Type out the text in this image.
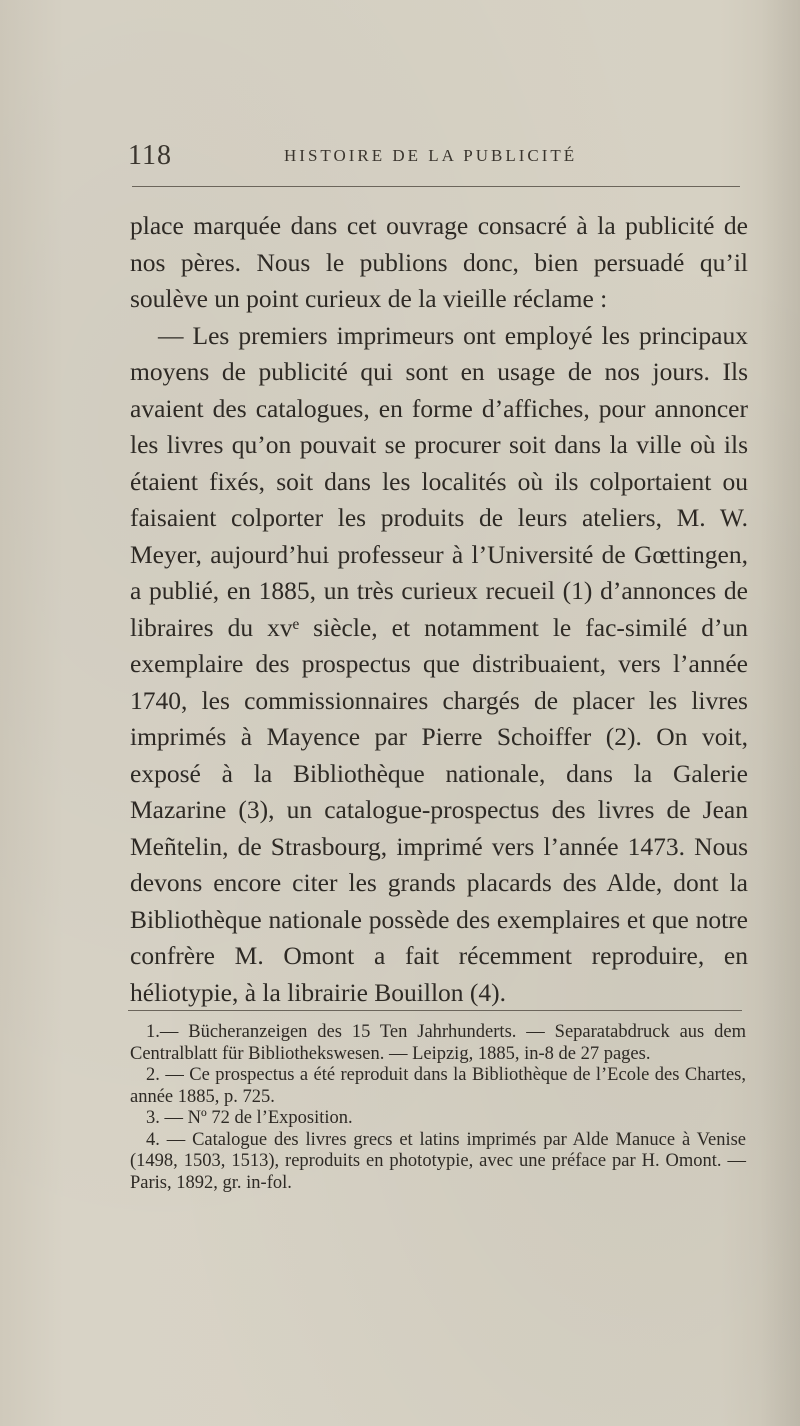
118	HISTOIRE DE LA PUBLICITÉ

place marquée dans cet ouvrage consacré à la publicité de nos pères. Nous le publions donc, bien persuadé qu’il soulève un point curieux de la vieille réclame :

— Les premiers imprimeurs ont employé les principaux moyens de publicité qui sont en usage de nos jours. Ils avaient des catalogues, en forme d’affiches, pour annoncer les livres qu’on pouvait se procurer soit dans la ville où ils étaient fixés, soit dans les localités où ils colportaient ou faisaient colporter les produits de leurs ateliers, M. W. Meyer, aujourd’hui professeur à l’Université de Gœttingen, a publié, en 1885, un très curieux recueil (1) d’annonces de libraires du xvᵉ siècle, et notamment le fac-similé d’un exemplaire des prospectus que distribuaient, vers l’année 1740, les commissionnaires chargés de placer les livres imprimés à Mayence par Pierre Schoiffer (2). On voit, exposé à la Bibliothèque nationale, dans la Galerie Mazarine (3), un catalogue-prospectus des livres de Jean Meñtelin, de Strasbourg, imprimé vers l’année 1473. Nous devons encore citer les grands placards des Alde, dont la Bibliothèque nationale possède des exemplaires et que notre confrère M. Omont a fait récemment reproduire, en héliotypie, à la librairie Bouillon (4).

1.— Bücheranzeigen des 15 Ten Jahrhunderts. — Separatabdruck aus dem Centralblatt für Bibliothekswesen. — Leipzig, 1885, in-8 de 27 pages.

2. — Ce prospectus a été reproduit dans la Bibliothèque de l’Ecole des Chartes, année 1885, p. 725.

3. — Nº 72 de l’Exposition.

4. — Catalogue des livres grecs et latins imprimés par Alde Manuce à Venise (1498, 1503, 1513), reproduits en phototypie, avec une préface par H. Omont. — Paris, 1892, gr. in-fol.
